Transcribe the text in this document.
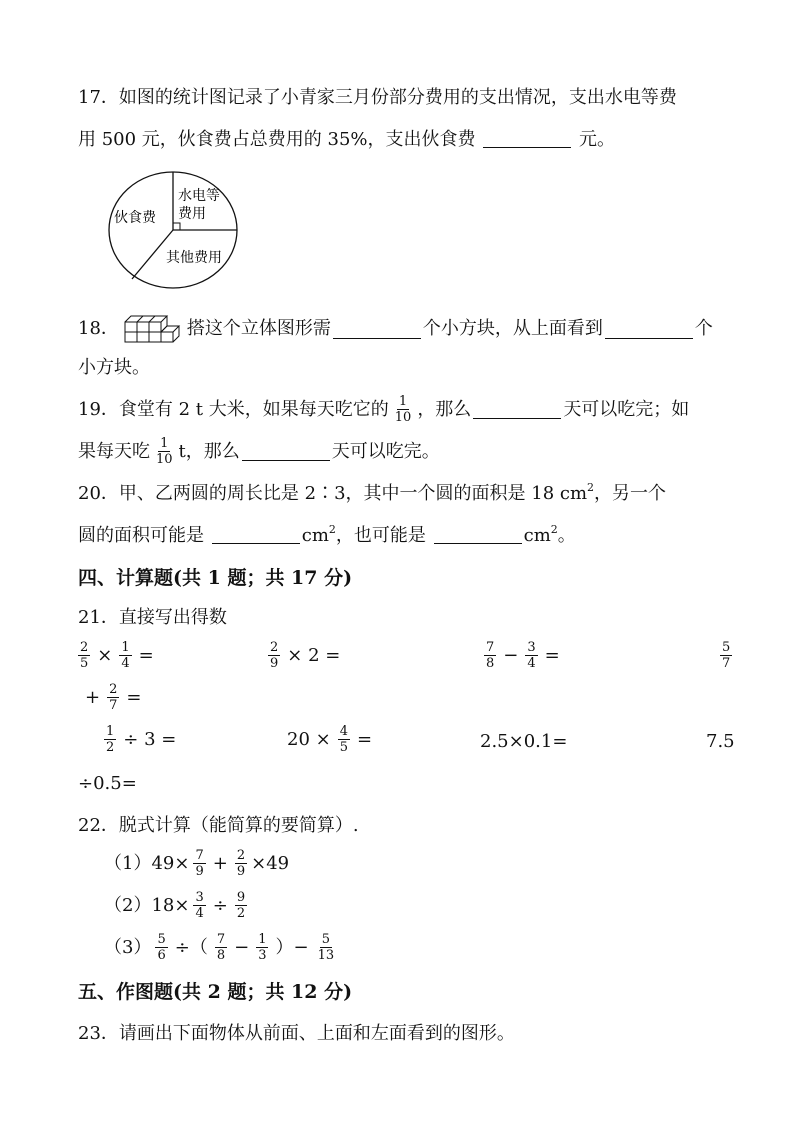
17．如图的统计图记录了小青家三月份部分费用的支出情况，支出水电等费
用 500 元，伙食费占总费用的 35%，支出伙食费	元。
伙食费
水电等
费用
其他费用
18．	搭这个立体图形需	个小方块，从上面看到	个
小方块。
19．食堂有 2 t 大米，如果每天吃它的 $\frac{1}{10}$ ，那么	天可以吃完；如
果每天吃 $\frac{1}{10}$ t，那么	天可以吃完。
20．甲、乙两圆的周长比是 2∶3，其中一个圆的面积是 18 $cm^2$，另一个
圆的面积可能是	$cm^2$，也可能是	$cm^2$。
四、计算题(共 1 题；共 17 分)
21．直接写出得数
$\frac{2}{5} \times \frac{1}{4}$ =	$\frac{2}{9} \times 2$ =	$\frac{7}{8} - \frac{3}{4}$ =	$\frac{5}{7}$
+ $\frac{2}{7}$ =
$\frac{1}{2} \div 3$ =	$20 \times \frac{4}{5}$ =	2.5×0.1=	7.5
÷0.5=
22．脱式计算（能简算的要简算）.
$(1)49\times \frac{7}{9} + \frac{2}{9} \times 49$
$(2)18\times \frac{3}{4} \div \frac{9}{2}$
$(3) \frac{5}{6}$ ÷（ $\frac{7}{8} - \frac{1}{3}$ ）− $\frac{5}{13}$
五、作图题(共 2 题；共 12 分)
23．请画出下面物体从前面、上面和左面看到的图形。
